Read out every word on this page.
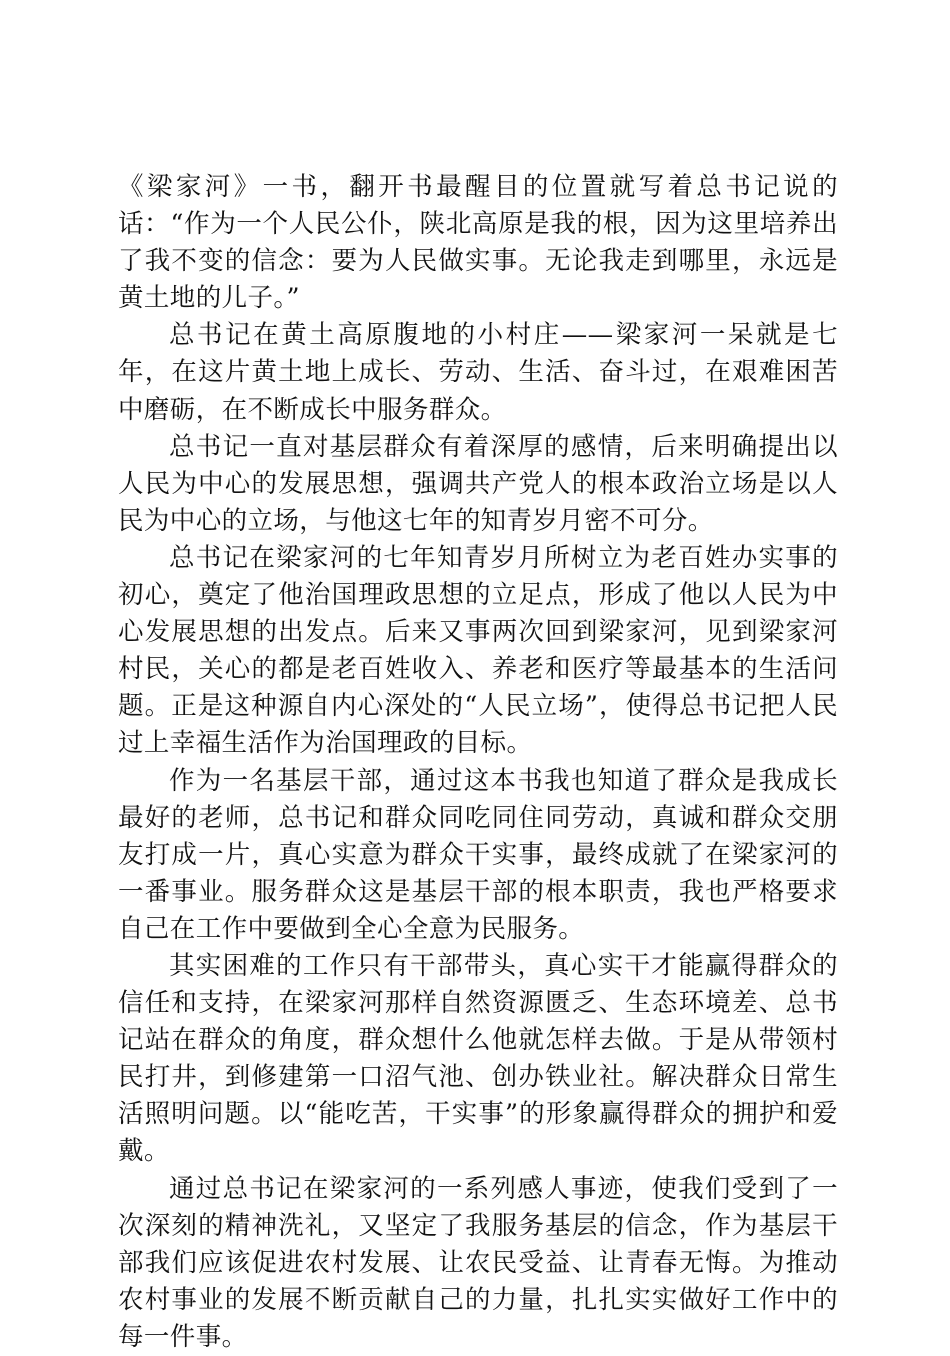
《梁家河》一书，翻开书最醒目的位置就写着总书记说的话：“作为一个人民公仆，陕北高原是我的根，因为这里培养出了我不变的信念：要为人民做实事。无论我走到哪里，永远是黄土地的儿子。”

总书记在黄土高原腹地的小村庄——梁家河一呆就是七年，在这片黄土地上成长、劳动、生活、奋斗过，在艰难困苦中磨砺，在不断成长中服务群众。

总书记一直对基层群众有着深厚的感情，后来明确提出以人民为中心的发展思想，强调共产党人的根本政治立场是以人民为中心的立场，与他这七年的知青岁月密不可分。

总书记在梁家河的七年知青岁月所树立为老百姓办实事的初心，奠定了他治国理政思想的立足点，形成了他以人民为中心发展思想的出发点。后来又事两次回到梁家河，见到梁家河村民，关心的都是老百姓收入、养老和医疗等最基本的生活问题。正是这种源自内心深处的“人民立场”，使得总书记把人民过上幸福生活作为治国理政的目标。

作为一名基层干部，通过这本书我也知道了群众是我成长最好的老师，总书记和群众同吃同住同劳动，真诚和群众交朋友打成一片，真心实意为群众干实事，最终成就了在梁家河的一番事业。服务群众这是基层干部的根本职责，我也严格要求自己在工作中要做到全心全意为民服务。

其实困难的工作只有干部带头，真心实干才能赢得群众的信任和支持，在梁家河那样自然资源匮乏、生态环境差、总书记站在群众的角度，群众想什么他就怎样去做。于是从带领村民打井，到修建第一口沼气池、创办铁业社。解决群众日常生活照明问题。以“能吃苦，干实事”的形象赢得群众的拥护和爱戴。

通过总书记在梁家河的一系列感人事迹，使我们受到了一次深刻的精神洗礼，又坚定了我服务基层的信念，作为基层干部我们应该促进农村发展、让农民受益、让青春无悔。为推动农村事业的发展不断贡献自己的力量，扎扎实实做好工作中的每一件事。
